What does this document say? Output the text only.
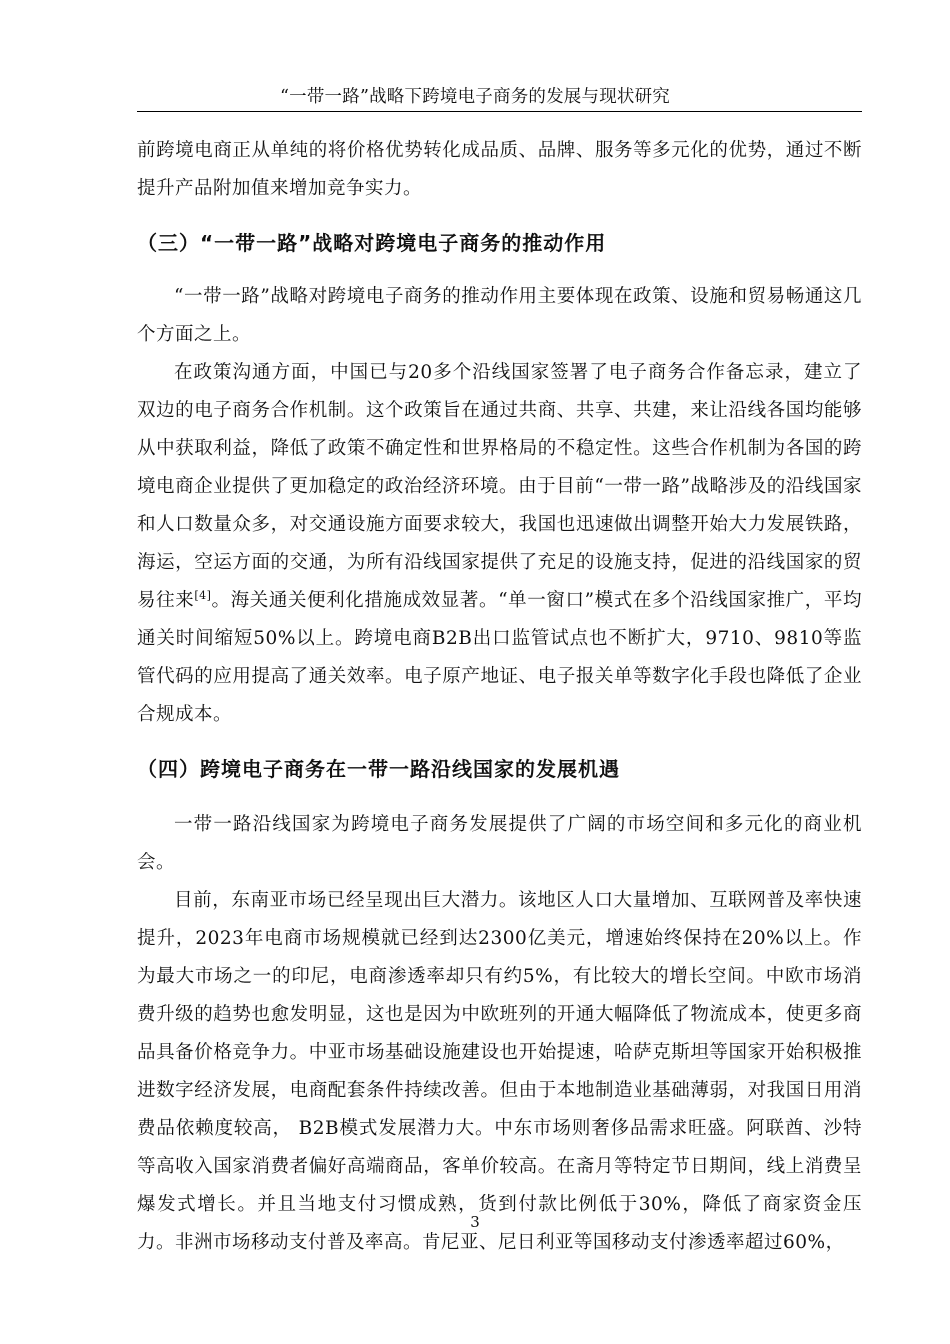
“一带一路”战略下跨境电子商务的发展与现状研究

前跨境电商正从单纯的将价格优势转化成品质、品牌、服务等多元化的优势，通过不断提升产品附加值来增加竞争实力。

（三）“一带一路”战略对跨境电子商务的推动作用

“一带一路”战略对跨境电子商务的推动作用主要体现在政策、设施和贸易畅通这几个方面之上。

在政策沟通方面，中国已与20多个沿线国家签署了电子商务合作备忘录，建立了双边的电子商务合作机制。这个政策旨在通过共商、共享、共建，来让沿线各国均能够从中获取利益，降低了政策不确定性和世界格局的不稳定性。这些合作机制为各国的跨境电商企业提供了更加稳定的政治经济环境。由于目前“一带一路”战略涉及的沿线国家和人口数量众多，对交通设施方面要求较大，我国也迅速做出调整开始大力发展铁路，海运，空运方面的交通，为所有沿线国家提供了充足的设施支持，促进的沿线国家的贸易往来[4]。海关通关便利化措施成效显著。“单一窗口”模式在多个沿线国家推广，平均通关时间缩短50%以上。跨境电商B2B出口监管试点也不断扩大，9710、9810等监管代码的应用提高了通关效率。电子原产地证、电子报关单等数字化手段也降低了企业合规成本。

（四）跨境电子商务在一带一路沿线国家的发展机遇

一带一路沿线国家为跨境电子商务发展提供了广阔的市场空间和多元化的商业机会。

目前，东南亚市场已经呈现出巨大潜力。该地区人口大量增加、互联网普及率快速提升，2023年电商市场规模就已经到达2300亿美元，增速始终保持在20%以上。作为最大市场之一的印尼，电商渗透率却只有约5%，有比较大的增长空间。中欧市场消费升级的趋势也愈发明显，这也是因为中欧班列的开通大幅降低了物流成本，使更多商品具备价格竞争力。中亚市场基础设施建设也开始提速，哈萨克斯坦等国家开始积极推进数字经济发展，电商配套条件持续改善。但由于本地制造业基础薄弱，对我国日用消费品依赖度较高， B2B模式发展潜力大。中东市场则奢侈品需求旺盛。阿联酋、沙特等高收入国家消费者偏好高端商品，客单价较高。在斋月等特定节日期间，线上消费呈爆发式增长。并且当地支付习惯成熟，货到付款比例低于30%，降低了商家资金压力。非洲市场移动支付普及率高。肯尼亚、尼日利亚等国移动支付渗透率超过60%，

3
